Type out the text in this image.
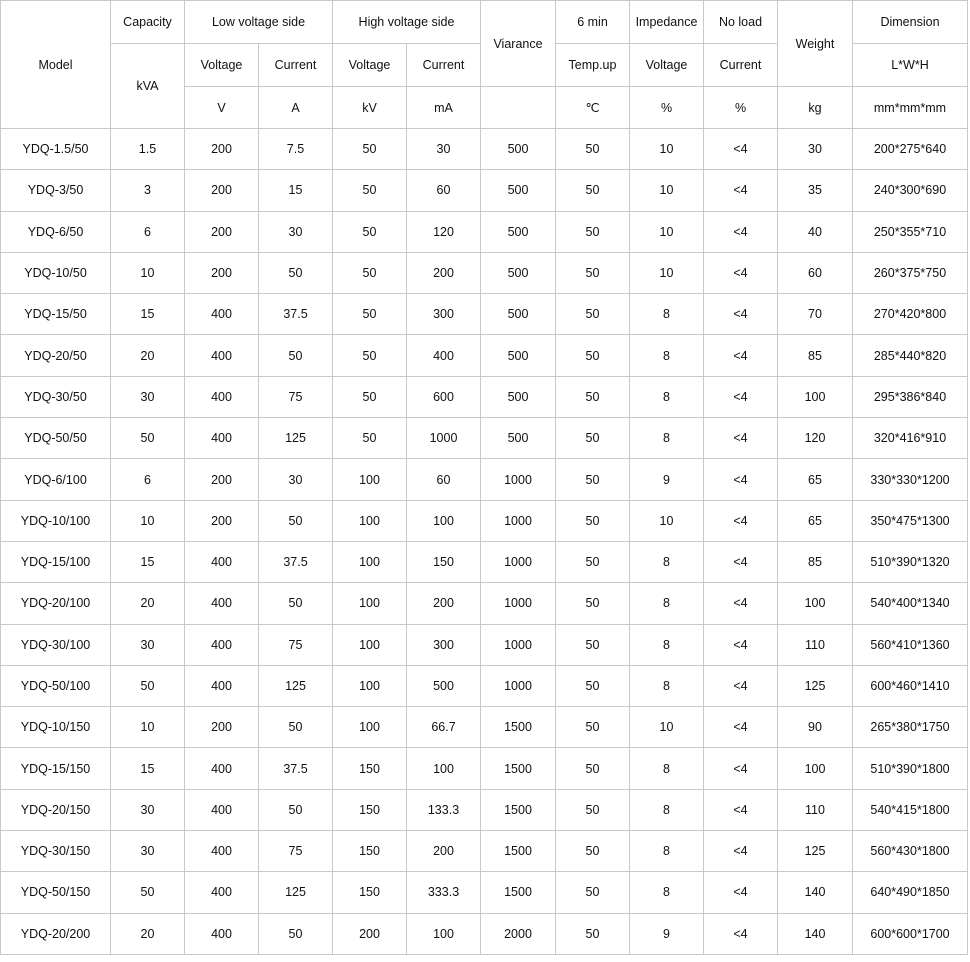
Model	Capacity	Low voltage side		High voltage side		Viarance	6 min	Impedance	No load	Weight	Dimension
	kVA	Voltage	Current	Voltage	Current		Temp.up	Voltage	Current		L*W*H
		V	A	kV	mA		℃	%	%	kg	mm*mm*mm
YDQ-1.5/50	1.5	200	7.5	50	30	500	50	10	<4	30	200*275*640
YDQ-3/50	3	200	15	50	60	500	50	10	<4	35	240*300*690
YDQ-6/50	6	200	30	50	120	500	50	10	<4	40	250*355*710
YDQ-10/50	10	200	50	50	200	500	50	10	<4	60	260*375*750
YDQ-15/50	15	400	37.5	50	300	500	50	8	<4	70	270*420*800
YDQ-20/50	20	400	50	50	400	500	50	8	<4	85	285*440*820
YDQ-30/50	30	400	75	50	600	500	50	8	<4	100	295*386*840
YDQ-50/50	50	400	125	50	1000	500	50	8	<4	120	320*416*910
YDQ-6/100	6	200	30	100	60	1000	50	9	<4	65	330*330*1200
YDQ-10/100	10	200	50	100	100	1000	50	10	<4	65	350*475*1300
YDQ-15/100	15	400	37.5	100	150	1000	50	8	<4	85	510*390*1320
YDQ-20/100	20	400	50	100	200	1000	50	8	<4	100	540*400*1340
YDQ-30/100	30	400	75	100	300	1000	50	8	<4	110	560*410*1360
YDQ-50/100	50	400	125	100	500	1000	50	8	<4	125	600*460*1410
YDQ-10/150	10	200	50	100	66.7	1500	50	10	<4	90	265*380*1750
YDQ-15/150	15	400	37.5	150	100	1500	50	8	<4	100	510*390*1800
YDQ-20/150	30	400	50	150	133.3	1500	50	8	<4	110	540*415*1800
YDQ-30/150	30	400	75	150	200	1500	50	8	<4	125	560*430*1800
YDQ-50/150	50	400	125	150	333.3	1500	50	8	<4	140	640*490*1850
YDQ-20/200	20	400	50	200	100	2000	50	9	<4	140	600*600*1700
